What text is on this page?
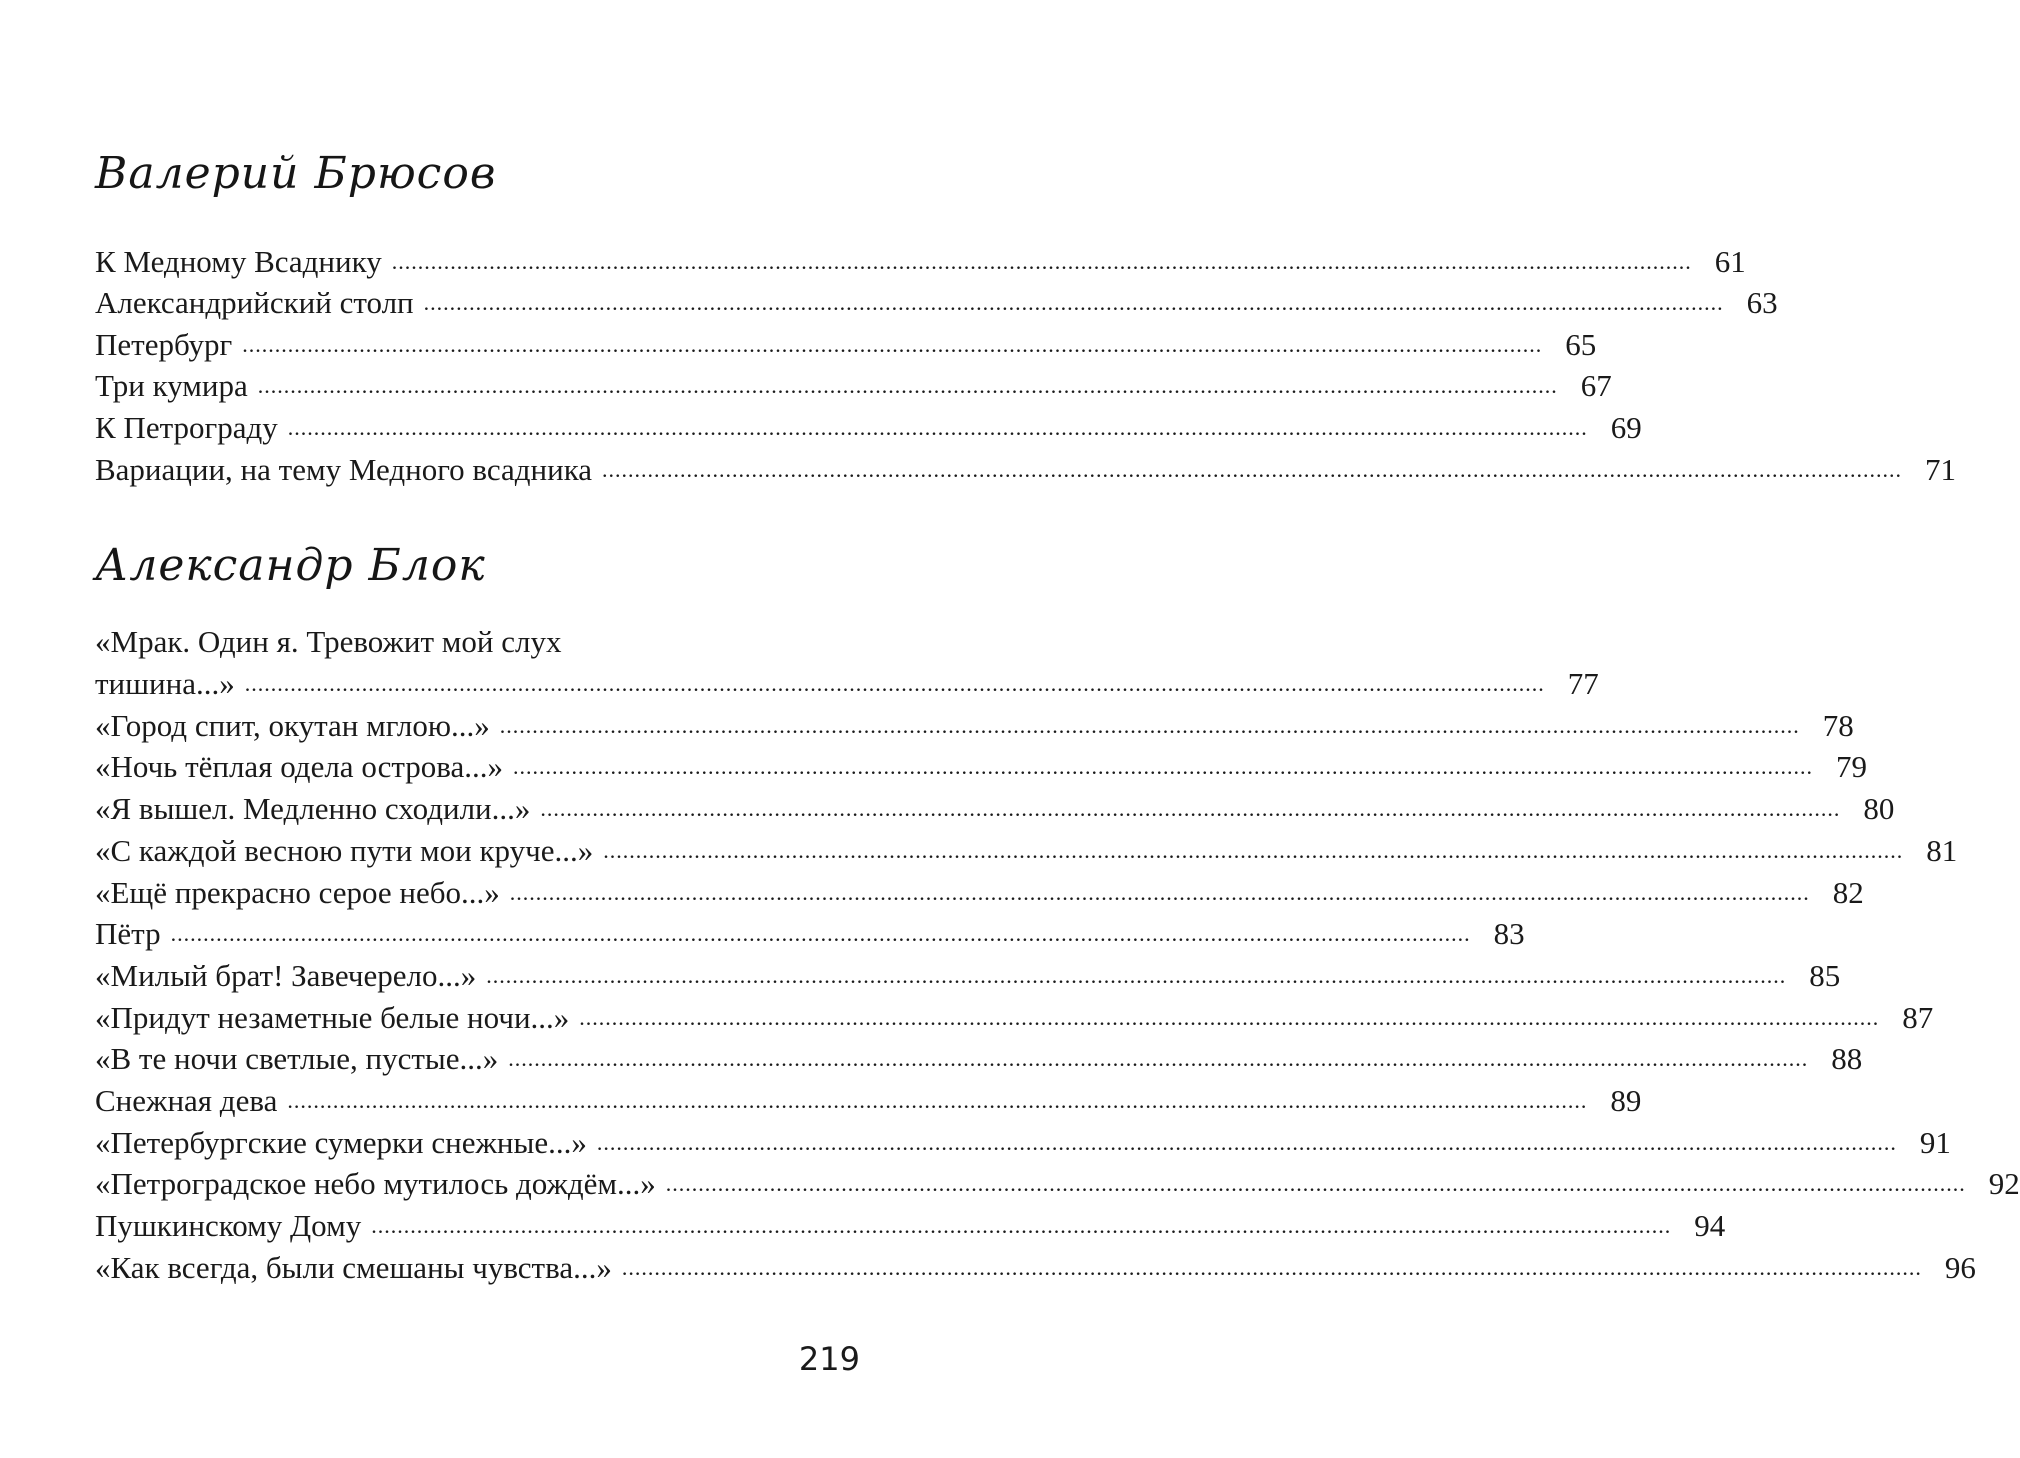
Валерий Брюсов
К Медному Всаднику ........................................................................................................................................................................................................ 61
Александрийский столп ........................................................................................................................................................................................................ 63
Петербург ........................................................................................................................................................................................................ 65
Три кумира ........................................................................................................................................................................................................ 67
К Петрограду ........................................................................................................................................................................................................ 69
Вариации, на тему Медного всадника ........................................................................................................................................................................................................ 71
Александр Блок
«Мрак. Один я. Тревожит мой слух
тишина...» ........................................................................................................................................................................................................ 77
«Город спит, окутан мглою...» ........................................................................................................................................................................................................ 78
«Ночь тёплая одела острова...» ........................................................................................................................................................................................................ 79
«Я вышел. Медленно сходили...» ........................................................................................................................................................................................................ 80
«С каждой весною пути мои круче...» ........................................................................................................................................................................................................ 81
«Ещё прекрасно серое небо...» ........................................................................................................................................................................................................ 82
Пётр ........................................................................................................................................................................................................ 83
«Милый брат! Завечерело...» ........................................................................................................................................................................................................ 85
«Придут незаметные белые ночи...» ........................................................................................................................................................................................................ 87
«В те ночи светлые, пустые...» ........................................................................................................................................................................................................ 88
Снежная дева ........................................................................................................................................................................................................ 89
«Петербургские сумерки снежные...» ........................................................................................................................................................................................................ 91
«Петроградское небо мутилось дождём...» ........................................................................................................................................................................................................ 92
Пушкинскому Дому ........................................................................................................................................................................................................ 94
«Как всегда, были смешаны чувства...» ........................................................................................................................................................................................................ 96
219
